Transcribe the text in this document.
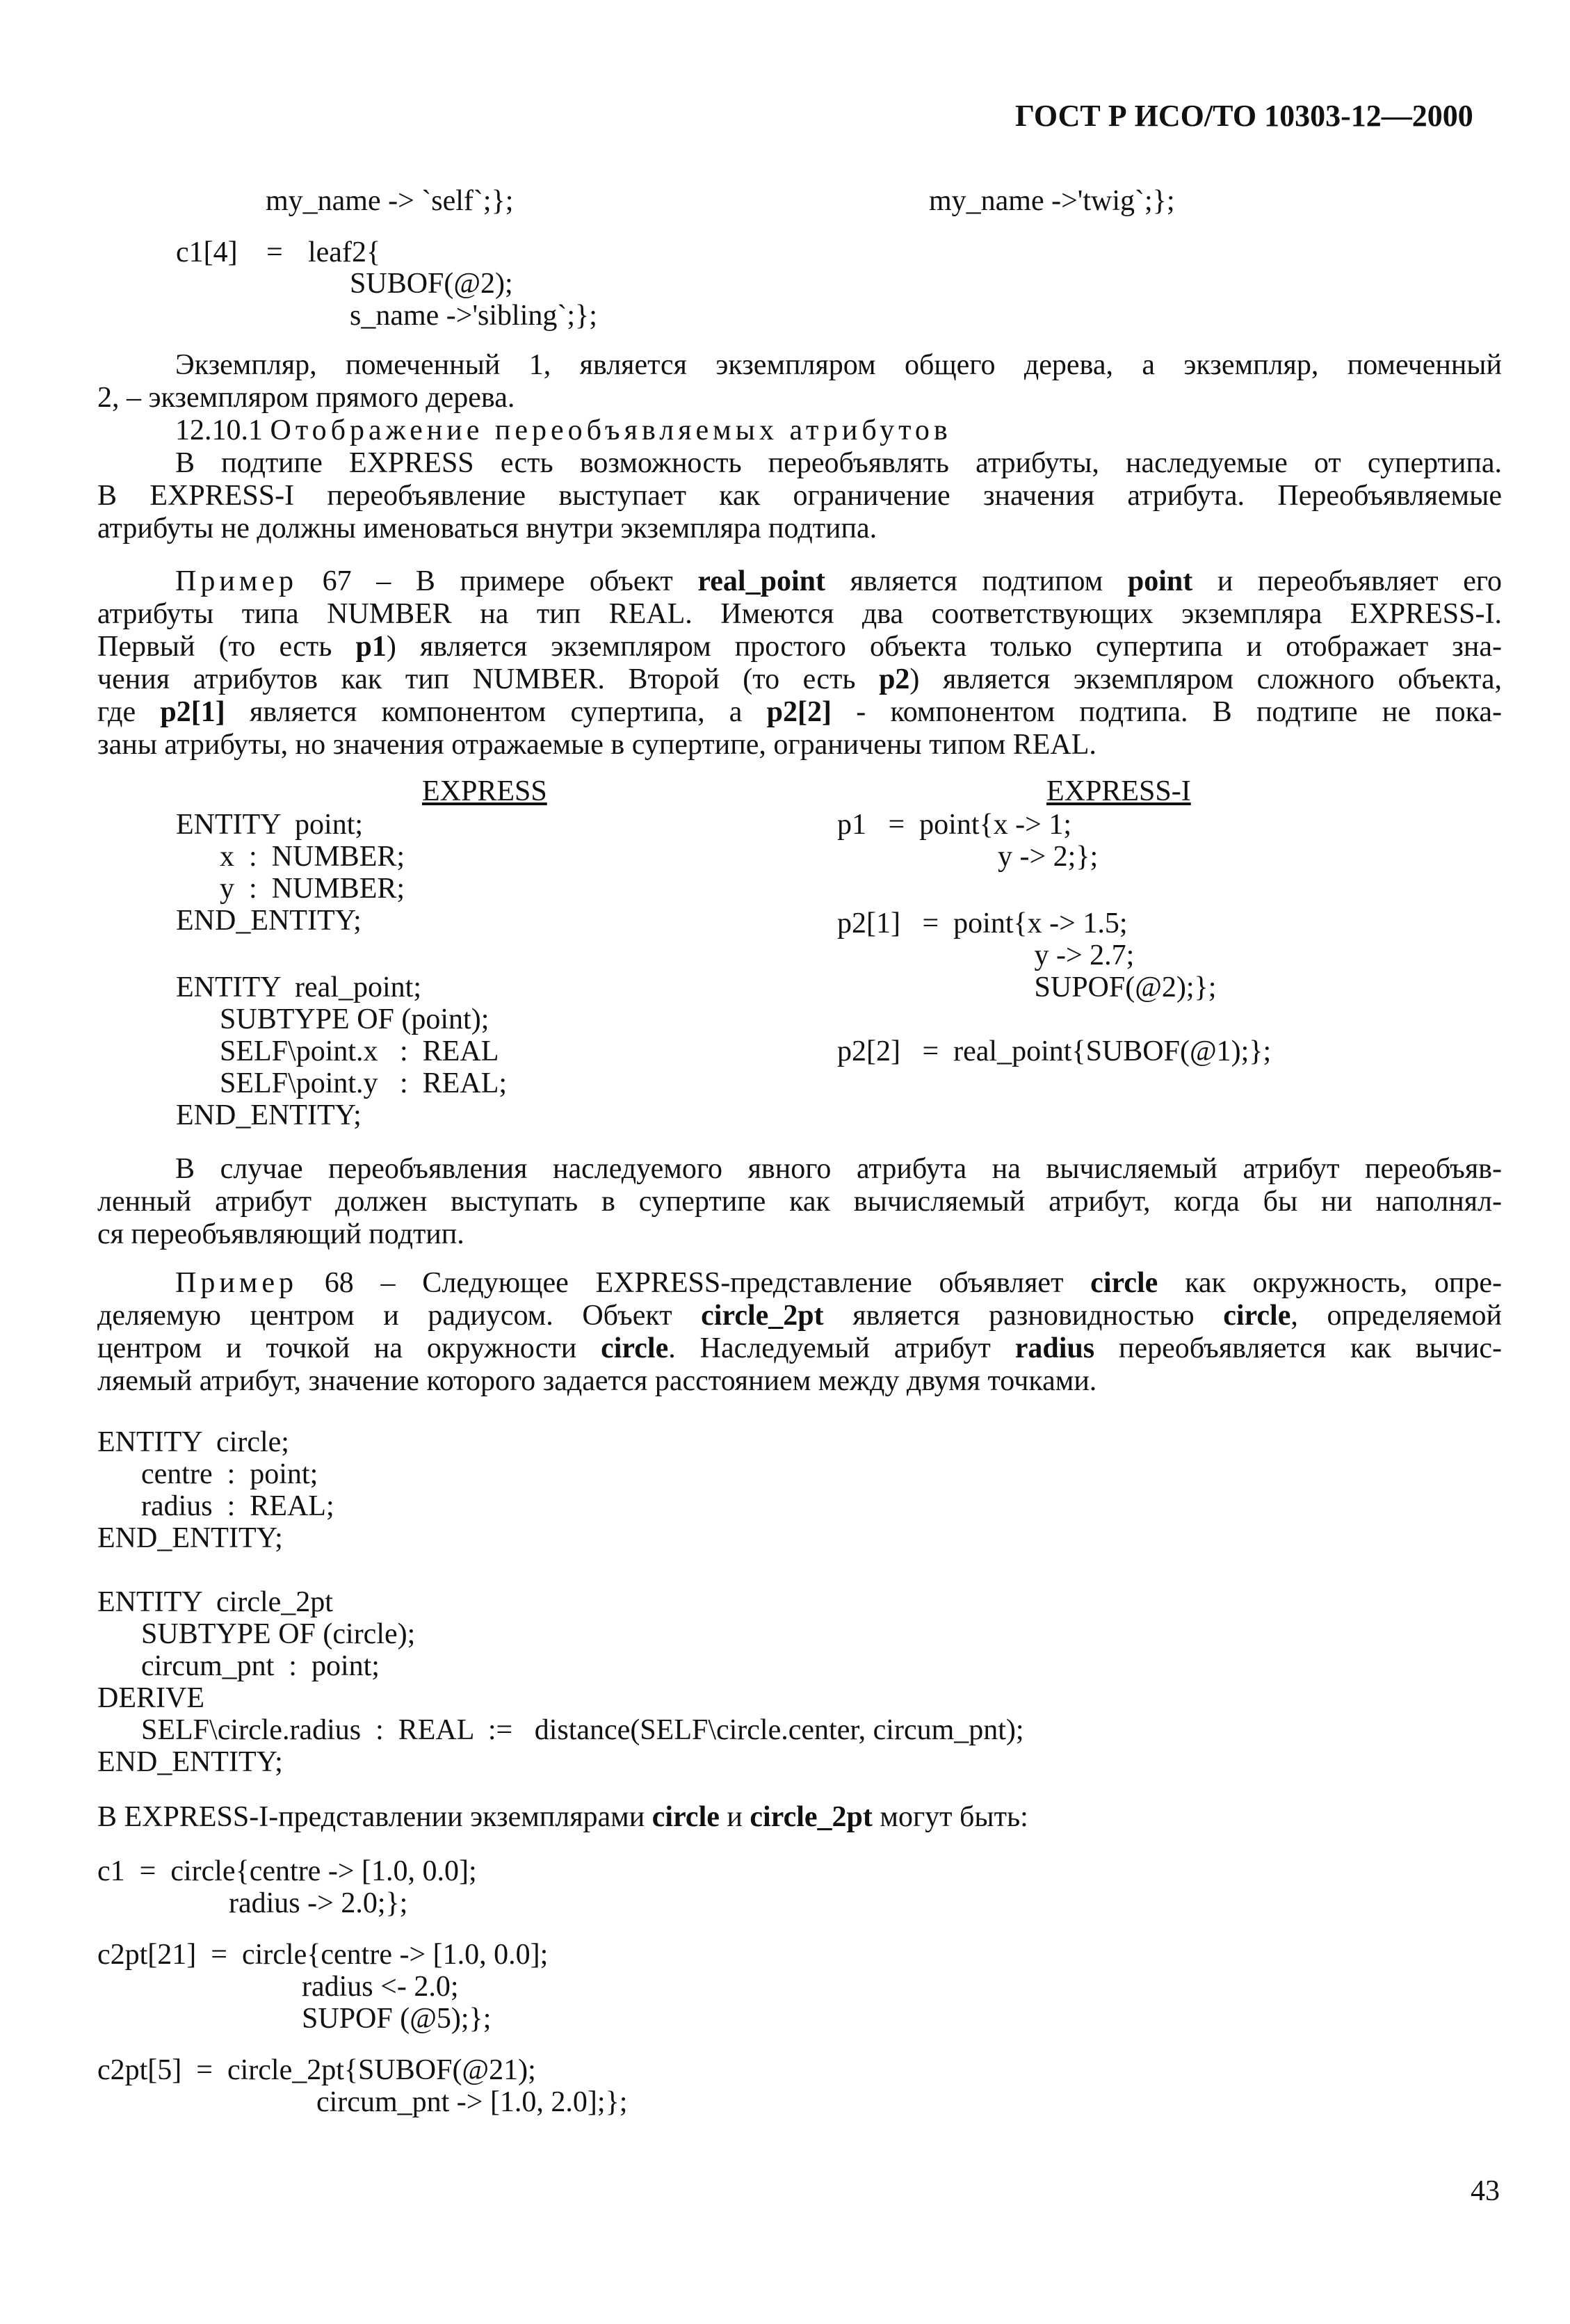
ГОСТ Р ИСО/ТО 10303-12—2000
my_name -> `self`;};	my_name ->'twig`;};
c1[4] = leaf2{
SUBOF(@2);
s_name ->'sibling`;};
Экземпляр, помеченный 1, является экземпляром общего дерева, а экземпляр, помеченный
2, – экземпляром прямого дерева.
12.10.1 Отображение переобъявляемых атрибутов
В подтипе EXPRESS есть возможность переобъявлять атрибуты, наследуемые от супертипа.
В EXPRESS-I переобъявление выступает как ограничение значения атрибута. Переобъявляемые
атрибуты не должны именоваться внутри экземпляра подтипа.
Пример 67 – В примере объект real_point является подтипом point и переобъявляет его
атрибуты типа NUMBER на тип REAL. Имеются два соответствующих экземпляра EXPRESS-I.
Первый (то есть p1) является экземпляром простого объекта только супертипа и отображает зна-
чения атрибутов как тип NUMBER. Второй (то есть p2) является экземпляром сложного объекта,
где p2[1] является компонентом супертипа, а p2[2] - компонентом подтипа. В подтипе не пока-
заны атрибуты, но значения отражаемые в супертипе, ограничены типом REAL.
EXPRESS	EXPRESS-I
ENTITY  point;
x  :  NUMBER;
y  :  NUMBER;
END_ENTITY;
ENTITY  real_point;
SUBTYPE OF (point);
SELF\point.x   :  REAL
SELF\point.y   :  REAL;
END_ENTITY;
p1   =  point{x -> 1;
y -> 2;};
p2[1]   =  point{x -> 1.5;
y -> 2.7;
SUPOF(@2);};
p2[2]   =  real_point{SUBOF(@1);};
В случае переобъявления наследуемого явного атрибута на вычисляемый атрибут переобъяв-
ленный атрибут должен выступать в супертипе как вычисляемый атрибут, когда бы ни наполнял-
ся переобъявляющий подтип.
Пример 68 – Следующее EXPRESS-представление объявляет circle как окружность, опре-
деляемую центром и радиусом. Объект circle_2pt является разновидностью circle, определяемой
центром и точкой на окружности circle. Наследуемый атрибут radius переобъявляется как вычис-
ляемый атрибут, значение которого задается расстоянием между двумя точками.
ENTITY  circle;
centre  :  point;
radius  :  REAL;
END_ENTITY;
ENTITY  circle_2pt
SUBTYPE OF (circle);
circum_pnt  :  point;
DERIVE
SELF\circle.radius  :  REAL  :=   distance(SELF\circle.center, circum_pnt);
END_ENTITY;
В EXPRESS-I-представлении экземплярами circle и circle_2pt могут быть:
c1  =  circle{centre -> [1.0, 0.0];
radius -> 2.0;};
c2pt[21]  =  circle{centre -> [1.0, 0.0];
radius <- 2.0;
SUPOF (@5);};
c2pt[5]  =  circle_2pt{SUBOF(@21);
circum_pnt -> [1.0, 2.0];};
43
